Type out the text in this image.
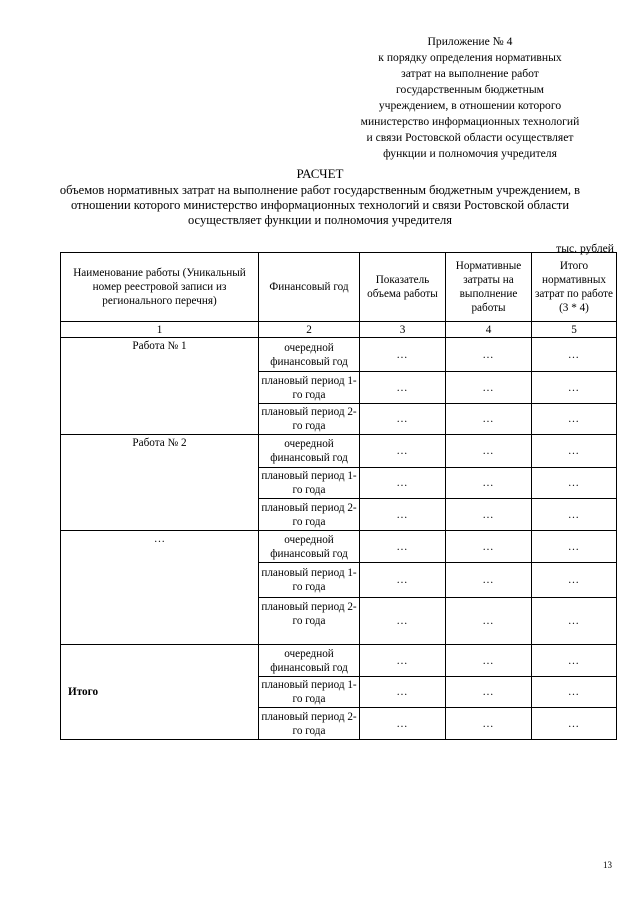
Приложение № 4
к порядку определения нормативных
затрат на выполнение работ
государственным бюджетным
учреждением, в отношении которого
министерство информационных технологий
и связи Ростовской области осуществляет
функции и полномочия учредителя
РАСЧЕТ
объемов нормативных затрат на выполнение работ государственным бюджетным учреждением, в
отношении которого министерство информационных технологий и связи Ростовской области
осуществляет функции и полномочия учредителя
тыс. рублей
Наименование работы (Уникальный номер реестровой записи из регионального перечня)	Финансовый год	Показатель объема работы	Нормативные затраты на выполнение работы	Итого нормативных затрат по работе (3 * 4)
1	2	3	4	5
Работа № 1	очередной финансовый год	…	…	…
	плановый период 1-го года	…	…	…
	плановый период 2-го года	…	…	…
Работа № 2	очередной финансовый год	…	…	…
	плановый период 1-го года	…	…	…
	плановый период 2-го года	…	…	…
…	очередной финансовый год	…	…	…
	плановый период 1-го года	…	…	…
	плановый период 2-го года	…	…	…
Итого	очередной финансовый год	…	…	…
	плановый период 1-го года	…	…	…
	плановый период 2-го года	…	…	…
13
